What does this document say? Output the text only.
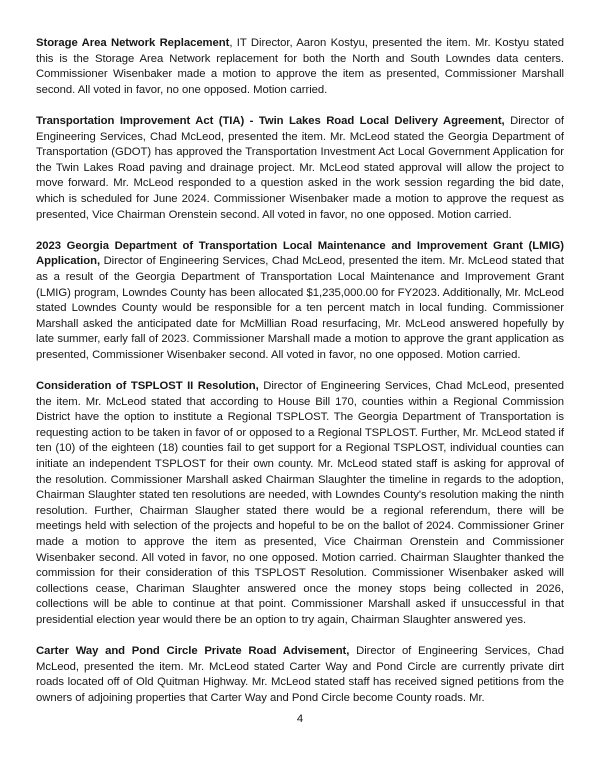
Storage Area Network Replacement, IT Director, Aaron Kostyu, presented the item. Mr. Kostyu stated this is the Storage Area Network replacement for both the North and South Lowndes data centers. Commissioner Wisenbaker made a motion to approve the item as presented, Commissioner Marshall second. All voted in favor, no one opposed. Motion carried.

Transportation Improvement Act (TIA) - Twin Lakes Road Local Delivery Agreement, Director of Engineering Services, Chad McLeod, presented the item. Mr. McLeod stated the Georgia Department of Transportation (GDOT) has approved the Transportation Investment Act Local Government Application for the Twin Lakes Road paving and drainage project. Mr. McLeod stated approval will allow the project to move forward. Mr. McLeod responded to a question asked in the work session regarding the bid date, which is scheduled for June 2024. Commissioner Wisenbaker made a motion to approve the request as presented, Vice Chairman Orenstein second. All voted in favor, no one opposed. Motion carried.

2023 Georgia Department of Transportation Local Maintenance and Improvement Grant (LMIG) Application, Director of Engineering Services, Chad McLeod, presented the item. Mr. McLeod stated that as a result of the Georgia Department of Transportation Local Maintenance and Improvement Grant (LMIG) program, Lowndes County has been allocated $1,235,000.00 for FY2023. Additionally, Mr. McLeod stated Lowndes County would be responsible for a ten percent match in local funding. Commissioner Marshall asked the anticipated date for McMillian Road resurfacing, Mr. McLeod answered hopefully by late summer, early fall of 2023. Commissioner Marshall made a motion to approve the grant application as presented, Commissioner Wisenbaker second. All voted in favor, no one opposed. Motion carried.

Consideration of TSPLOST II Resolution, Director of Engineering Services, Chad McLeod, presented the item. Mr. McLeod stated that according to House Bill 170, counties within a Regional Commission District have the option to institute a Regional TSPLOST. The Georgia Department of Transportation is requesting action to be taken in favor of or opposed to a Regional TSPLOST. Further, Mr. McLeod stated if ten (10) of the eighteen (18) counties fail to get support for a Regional TSPLOST, individual counties can initiate an independent TSPLOST for their own county. Mr. McLeod stated staff is asking for approval of the resolution. Commissioner Marshall asked Chairman Slaughter the timeline in regards to the adoption, Chairman Slaughter stated ten resolutions are needed, with Lowndes County's resolution making the ninth resolution. Further, Chairman Slaugher stated there would be a regional referendum, there will be meetings held with selection of the projects and hopeful to be on the ballot of 2024. Commissioner Griner made a motion to approve the item as presented, Vice Chairman Orenstein and Commissioner Wisenbaker second. All voted in favor, no one opposed. Motion carried. Chairman Slaughter thanked the commission for their consideration of this TSPLOST Resolution. Commissioner Wisenbaker asked will collections cease, Chariman Slaughter answered once the money stops being collected in 2026, collections will be able to continue at that point. Commissioner Marshall asked if unsuccessful in that presidential election year would there be an option to try again, Chairman Slaughter answered yes.

Carter Way and Pond Circle Private Road Advisement, Director of Engineering Services, Chad McLeod, presented the item. Mr. McLeod stated Carter Way and Pond Circle are currently private dirt roads located off of Old Quitman Highway. Mr. McLeod stated staff has received signed petitions from the owners of adjoining properties that Carter Way and Pond Circle become County roads. Mr.

4
